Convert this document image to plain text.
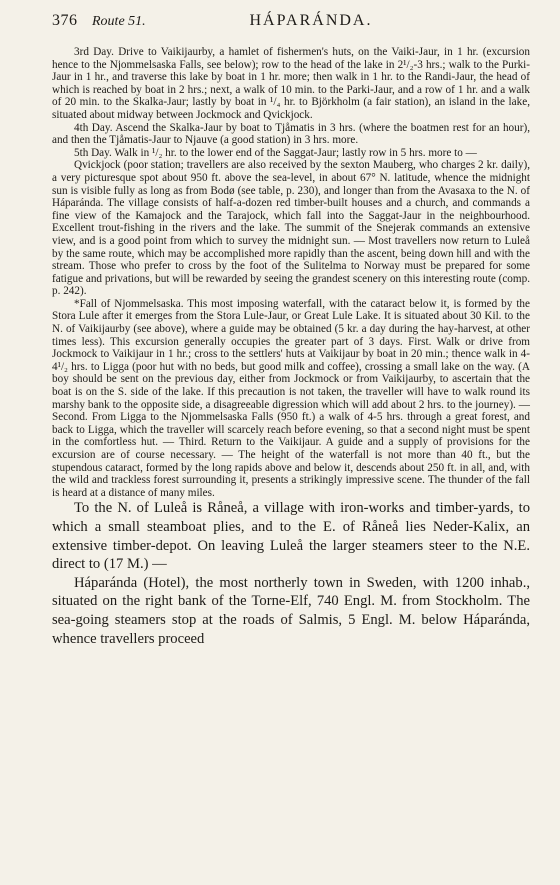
376 Route 51.	HÁPARÁNDA.

3rd Day. Drive to Vaikijaurby, a hamlet of fishermen's huts, on the Vaiki-Jaur, in 1 hr. (excursion hence to the Njommelsaska Falls, see below); row to the head of the lake in 2¹/₂-3 hrs.; walk to the Purki-Jaur in 1 hr., and traverse this lake by boat in 1 hr. more; then walk in 1 hr. to the Randi-Jaur, the head of which is reached by boat in 2 hrs.; next, a walk of 10 min. to the Parki-Jaur, and a row of 1 hr. and a walk of 20 min. to the Skalka-Jaur; lastly by boat in ¹/₄ hr. to Björkholm (a fair station), an island in the lake, situated about midway between Jockmock and Qvickjock.

4th Day. Ascend the Skalka-Jaur by boat to Tjåmatis in 3 hrs. (where the boatmen rest for an hour), and then the Tjåmatis-Jaur to Njauve (a good station) in 3 hrs. more.

5th Day. Walk in ¹/₂ hr. to the lower end of the Saggat-Jaur; lastly row in 5 hrs. more to —

Qvickjock (poor station; travellers are also received by the sexton Mauberg, who charges 2 kr. daily), a very picturesque spot about 950 ft. above the sea-level, in about 67° N. latitude, whence the midnight sun is visible fully as long as from Bodø (see table, p. 230), and longer than from the Avasaxa to the N. of Háparánda. The village consists of half-a-dozen red timber-built houses and a church, and commands a fine view of the Kamajock and the Tarajock, which fall into the Saggat-Jaur in the neighbourhood. Excellent trout-fishing in the rivers and the lake. The summit of the Snejerak commands an extensive view, and is a good point from which to survey the midnight sun. — Most travellers now return to Luleå by the same route, which may be accomplished more rapidly than the ascent, being down hill and with the stream. Those who prefer to cross by the foot of the Sulitelma to Norway must be prepared for some fatigue and privations, but will be rewarded by seeing the grandest scenery on this interesting route (comp. p. 242).

*Fall of Njommelsaska. This most imposing waterfall, with the cataract below it, is formed by the Stora Lule after it emerges from the Stora Lule-Jaur, or Great Lule Lake. It is situated about 30 Kil. to the N. of Vaikijaurby (see above), where a guide may be obtained (5 kr. a day during the hay-harvest, at other times less). This excursion generally occupies the greater part of 3 days. First. Walk or drive from Jockmock to Vaikijaur in 1 hr.; cross to the settlers' huts at Vaikijaur by boat in 20 min.; thence walk in 4-4¹/₂ hrs. to Ligga (poor hut with no beds, but good milk and coffee), crossing a small lake on the way. (A boy should be sent on the previous day, either from Jockmock or from Vaikijaurby, to ascertain that the boat is on the S. side of the lake. If this precaution is not taken, the traveller will have to walk round its marshy bank to the opposite side, a disagreeable digression which will add about 2 hrs. to the journey). — Second. From Ligga to the Njommelsaska Falls (950 ft.) a walk of 4-5 hrs. through a great forest, and back to Ligga, which the traveller will scarcely reach before evening, so that a second night must be spent in the comfortless hut. — Third. Return to the Vaikijaur. A guide and a supply of provisions for the excursion are of course necessary. — The height of the waterfall is not more than 40 ft., but the stupendous cataract, formed by the long rapids above and below it, descends about 250 ft. in all, and, with the wild and trackless forest surrounding it, presents a strikingly impressive scene. The thunder of the fall is heard at a distance of many miles.

To the N. of Luleå is Råneå, a village with iron-works and timber-yards, to which a small steamboat plies, and to the E. of Råneå lies Neder-Kalix, an extensive timber-depot. On leaving Luleå the larger steamers steer to the N.E. direct to (17 M.) —

Háparánda (Hotel), the most northerly town in Sweden, with 1200 inhab., situated on the right bank of the Torne-Elf, 740 Engl. M. from Stockholm. The sea-going steamers stop at the roads of Salmis, 5 Engl. M. below Háparánda, whence travellers proceed
